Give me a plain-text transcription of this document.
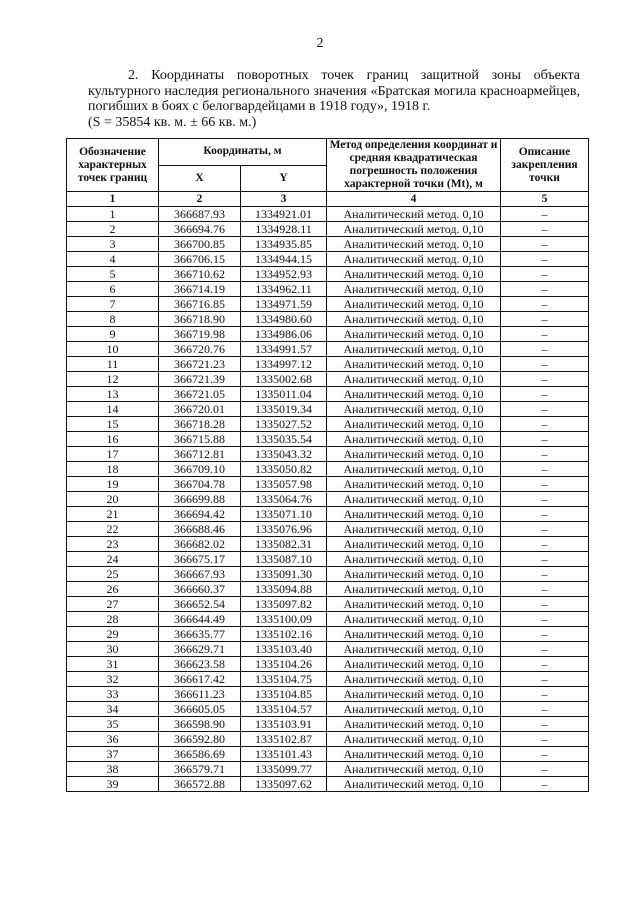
2

2. Координаты поворотных точек границ защитной зоны объекта культурного наследия регионального значения «Братская могила красноармейцев, погибших в боях с белогвардейцами в 1918 году», 1918 г.

(S = 35854 кв. м. ± 66 кв. м.)

Обозначение характерных точек границ	Координаты, м		Метод определения координат и средняя квадратическая погрешность положения характерной точки (Mt), м	Описание закрепления точки
	X	Y		
1	2	3	4	5
1	366687.93	1334921.01	Аналитический метод. 0,10	–
2	366694.76	1334928.11	Аналитический метод. 0,10	–
3	366700.85	1334935.85	Аналитический метод. 0,10	–
4	366706.15	1334944.15	Аналитический метод. 0,10	–
5	366710.62	1334952.93	Аналитический метод. 0,10	–
6	366714.19	1334962.11	Аналитический метод. 0,10	–
7	366716.85	1334971.59	Аналитический метод. 0,10	–
8	366718.90	1334980.60	Аналитический метод. 0,10	–
9	366719.98	1334986.06	Аналитический метод. 0,10	–
10	366720.76	1334991.57	Аналитический метод. 0,10	–
11	366721.23	1334997.12	Аналитический метод. 0,10	–
12	366721.39	1335002.68	Аналитический метод. 0,10	–
13	366721.05	1335011.04	Аналитический метод. 0,10	–
14	366720.01	1335019.34	Аналитический метод. 0,10	–
15	366718.28	1335027.52	Аналитический метод. 0,10	–
16	366715.88	1335035.54	Аналитический метод. 0,10	–
17	366712.81	1335043.32	Аналитический метод. 0,10	–
18	366709.10	1335050.82	Аналитический метод. 0,10	–
19	366704.78	1335057.98	Аналитический метод. 0,10	–
20	366699.88	1335064.76	Аналитический метод. 0,10	–
21	366694.42	1335071.10	Аналитический метод. 0,10	–
22	366688.46	1335076.96	Аналитический метод. 0,10	–
23	366682.02	1335082.31	Аналитический метод. 0,10	–
24	366675.17	1335087.10	Аналитический метод. 0,10	–
25	366667.93	1335091.30	Аналитический метод. 0,10	–
26	366660.37	1335094.88	Аналитический метод. 0,10	–
27	366652.54	1335097.82	Аналитический метод. 0,10	–
28	366644.49	1335100.09	Аналитический метод. 0,10	–
29	366635.77	1335102.16	Аналитический метод. 0,10	–
30	366629.71	1335103.40	Аналитический метод. 0,10	–
31	366623.58	1335104.26	Аналитический метод. 0,10	–
32	366617.42	1335104.75	Аналитический метод. 0,10	–
33	366611.23	1335104.85	Аналитический метод. 0,10	–
34	366605.05	1335104.57	Аналитический метод. 0,10	–
35	366598.90	1335103.91	Аналитический метод. 0,10	–
36	366592.80	1335102.87	Аналитический метод. 0,10	–
37	366586.69	1335101.43	Аналитический метод. 0,10	–
38	366579.71	1335099.77	Аналитический метод. 0,10	–
39	366572.88	1335097.62	Аналитический метод. 0,10	–
